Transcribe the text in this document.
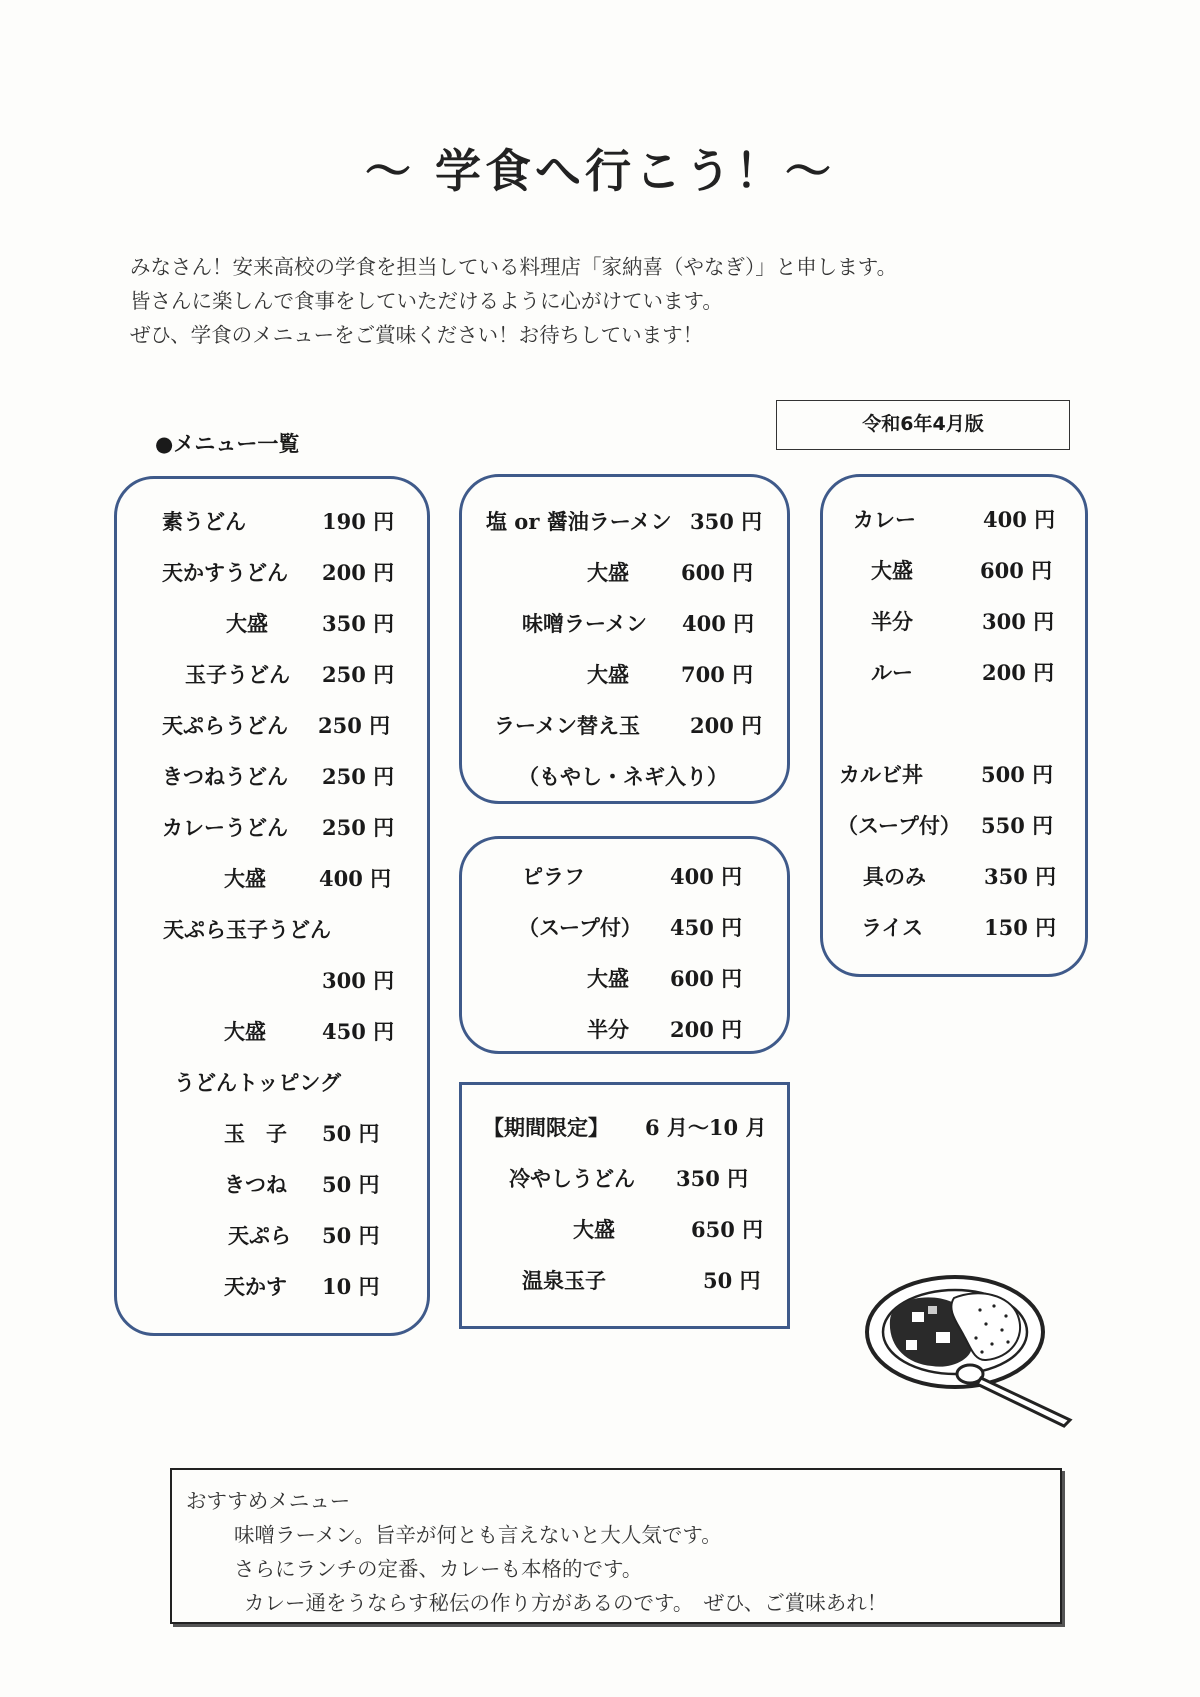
～ 学食へ行こう！～
みなさん！安来高校の学食を担当している料理店「家納喜（やなぎ）」と申します。
皆さんに楽しんで食事をしていただけるように心がけています。
ぜひ、学食のメニューをご賞味ください！お待ちしています！
令和6年4月版
●メニュー一覧
素うどん	190 円
天かすうどん 200 円
大盛	350 円
玉子うどん 250 円
天ぷらうどん 250 円
きつねうどん 250 円
カレーうどん 250 円
大盛	400 円
天ぷら玉子うどん
300 円
大盛	450 円
うどんトッピング
玉　子 50 円
きつね 50 円
天ぷら 50 円
天かす 10 円
塩 or 醤油ラーメン 350 円
大盛 600 円
味噌ラーメン 400 円
大盛 700 円
ラーメン替え玉 200 円
（もやし・ネギ入り）
ピラフ	400 円
（スープ付） 450 円
大盛 600 円
半分 200 円
【期間限定】 6 月～10 月
冷やしうどん 350 円
大盛	650 円
温泉玉子	50 円
カレー	400 円
大盛	600 円
半分	300 円
ルー	200 円
カルビ丼	500 円
（スープ付） 550 円
具のみ	350 円
ライス	150 円
おすすめメニュー
味噌ラーメン。旨辛が何とも言えないと大人気です。
さらにランチの定番、カレーも本格的です。
カレー通をうならす秘伝の作り方があるのです。　ぜひ、ご賞味あれ！
